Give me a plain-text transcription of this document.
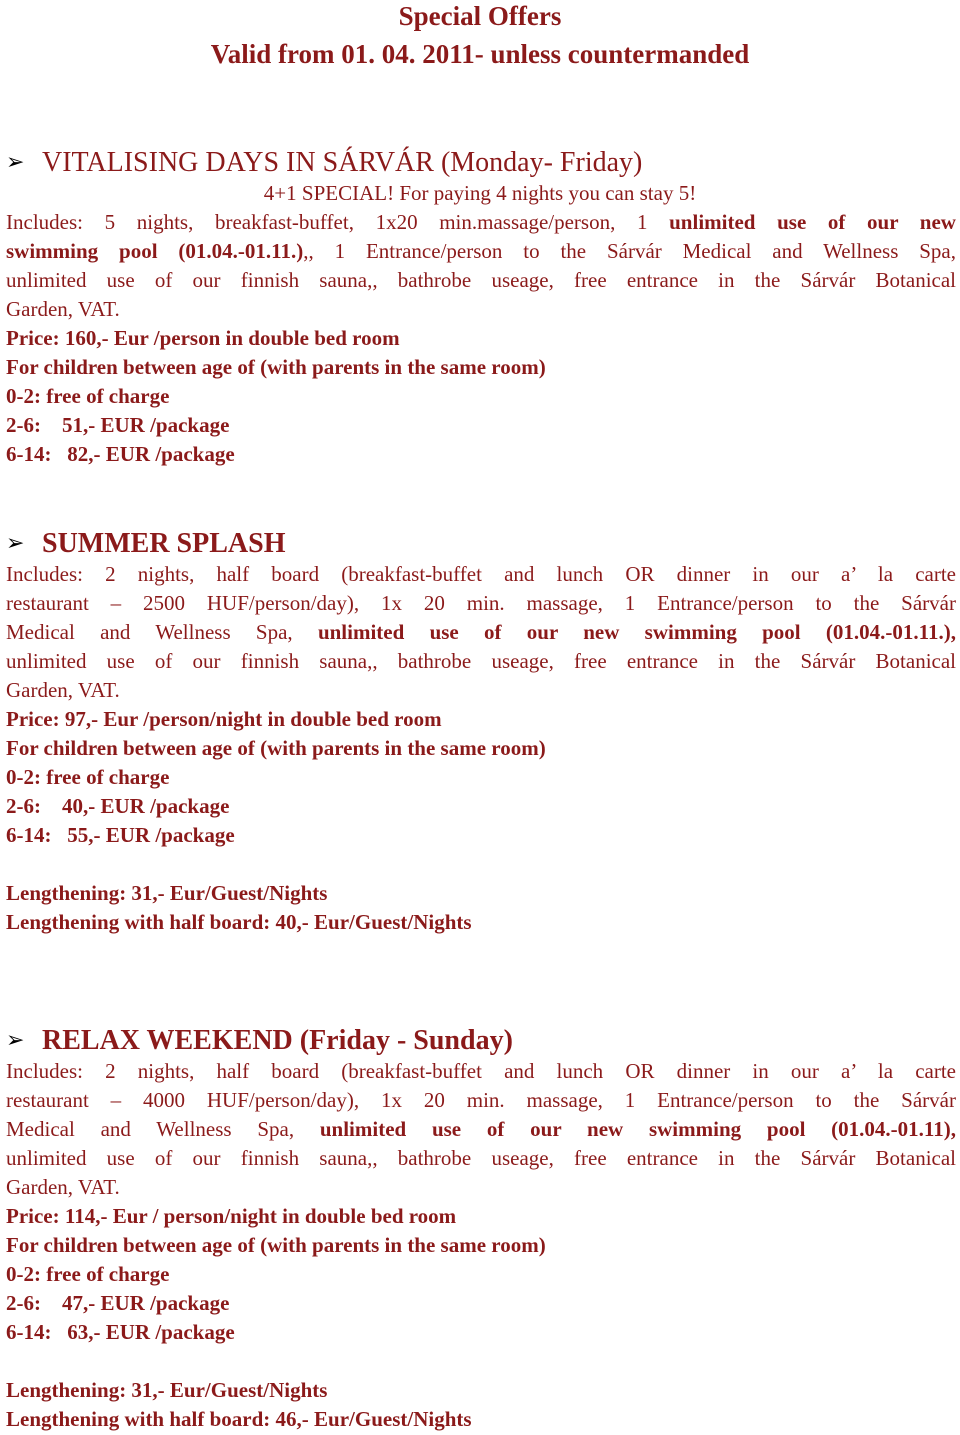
Special Offers
Valid from 01. 04. 2011- unless countermanded
➢ VITALISING DAYS IN SÁRVÁR (Monday- Friday)
4+1 SPECIAL! For paying 4 nights you can stay 5!
Includes: 5 nights, breakfast-buffet, 1x20 min.massage/person, 1 unlimited use of our new
swimming pool (01.04.-01.11.),, 1 Entrance/person to the Sárvár Medical and Wellness Spa,
unlimited use of our finnish sauna,, bathrobe useage, free entrance in the Sárvár Botanical
Garden, VAT.
Price: 160,- Eur /person in double bed room
For children between age of (with parents in the same room)
0-2: free of charge
2-6:    51,- EUR /package
6-14:   82,- EUR /package
➢ SUMMER SPLASH
Includes: 2 nights, half board (breakfast-buffet and lunch OR dinner in our a’ la carte
restaurant – 2500 HUF/person/day), 1x 20 min. massage, 1 Entrance/person to the Sárvár
Medical and Wellness Spa, unlimited use of our new swimming pool (01.04.-01.11.),
unlimited use of our finnish sauna,, bathrobe useage, free entrance in the Sárvár Botanical
Garden, VAT.
Price: 97,- Eur /person/night in double bed room
For children between age of (with parents in the same room)
0-2: free of charge
2-6:    40,- EUR /package
6-14:   55,- EUR /package
Lengthening: 31,- Eur/Guest/Nights
Lengthening with half board: 40,- Eur/Guest/Nights
➢ RELAX WEEKEND (Friday - Sunday)
Includes: 2 nights, half board (breakfast-buffet and lunch OR dinner in our a’ la carte
restaurant – 4000 HUF/person/day), 1x 20 min. massage, 1 Entrance/person to the Sárvár
Medical and Wellness Spa, unlimited use of our new swimming pool (01.04.-01.11),
unlimited use of our finnish sauna,, bathrobe useage, free entrance in the Sárvár Botanical
Garden, VAT.
Price: 114,- Eur / person/night in double bed room
For children between age of (with parents in the same room)
0-2: free of charge
2-6:    47,- EUR /package
6-14:   63,- EUR /package
Lengthening: 31,- Eur/Guest/Nights
Lengthening with half board: 46,- Eur/Guest/Nights
